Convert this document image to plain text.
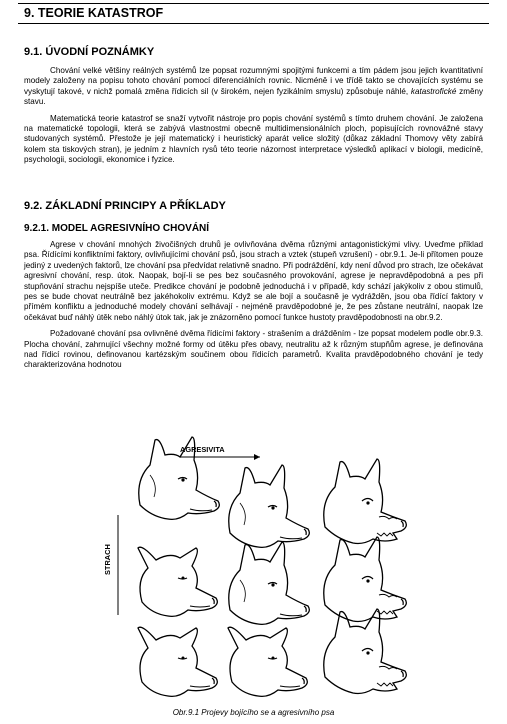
9. TEORIE KATASTROF
9.1. ÚVODNÍ POZNÁMKY

Chování velké většiny reálných systémů lze popsat rozumnými spojitými funkcemi a tím pádem jsou jejich kvantitativní modely založeny na popisu tohoto chování pomocí diferenciálních rovnic. Nicméně i ve třídě takto se chovajících systému se vyskytují takové, v nichž pomalá změna řídicích sil (v širokém, nejen fyzikálním smyslu) způsobuje náhlé, katastrofické změny stavu.

Matematická teorie katastrof se snaží vytvořit nástroje pro popis chování systémů s tímto druhem chování. Je založena na matematické topologii, která se zabývá vlastnostmi obecně multidimensionálních ploch, popisujících rovnovážné stavy studovaných systémů. Přestože je její matematický i heuristický aparát velice složitý (důkaz základní Thomovy věty zabírá kolem sta tiskových stran), je jedním z hlavních rysů této teorie názornost interpretace výsledků aplikací v biologii, medicíně, psychologii, sociologii, ekonomice i fyzice.

9.2. ZÁKLADNÍ PRINCIPY A PŘÍKLADY
9.2.1. MODEL AGRESIVNÍHO CHOVÁNÍ

Agrese v chování mnohých živočišných druhů je ovlivňována dvěma různými antagonistickými vlivy. Uveďme příklad psa. Řídícími konfliktními faktory, ovlivňujícími chování psů, jsou strach a vztek (stupeň vzrušení) - obr.9.1. Je-li přítomen pouze jediný z uvedených faktorů, lze chování psa předvídat relativně snadno. Při podráždění, kdy není důvod pro strach, lze očekávat agresivní chování, resp. útok. Naopak, bojí-li se pes bez současného provokování, agrese je nepravděpodobná a pes při stupňování strachu nejspíše uteče. Predikce chování je podobně jednoduchá i v případě, kdy schází jakýkoliv z obou stimulů, pes se bude chovat neutrálně bez jakéhokoliv extrému. Když se ale bojí a současně je vydrážděn, jsou oba řídící faktory v přímém konfliktu a jednoduché modely chování selhávají - nejméně pravděpodobné je, že pes zůstane neutrální, naopak lze očekávat buď náhlý útěk nebo náhlý útok tak, jak je znázorněno pomocí funkce hustoty pravděpodobnosti na obr.9.2.

Požadované chování psa ovlivněné dvěma řídicími faktory - strašením a drážděním - lze popsat modelem podle obr.9.3. Plocha chování, zahrnující všechny možné formy od útěku přes obavy, neutralitu až k různým stupňům agrese, je definována nad řídicí rovinou, definovanou kartézským součinem obou řídicích parametrů. Kvalita pravděpodobného chování je tedy charakterizována hodnotou

AGRESIVITA
STRACH
Obr.9.1 Projevy bojícího se a agresivního psa
